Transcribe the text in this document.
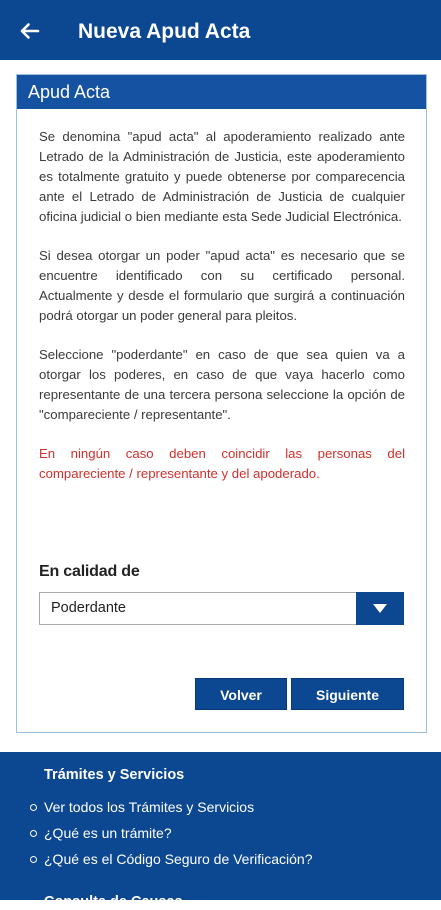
Nueva Apud Acta
Apud Acta

Se denomina "apud acta" al apoderamiento realizado ante Letrado de la Administración de Justicia, este apoderamiento es totalmente gratuito y puede obtenerse por comparecencia ante el Letrado de Administración de Justicia de cualquier oficina judicial o bien mediante esta Sede Judicial Electrónica.

Si desea otorgar un poder "apud acta" es necesario que se encuentre identificado con su certificado personal. Actualmente y desde el formulario que surgirá a continuación podrá otorgar un poder general para pleitos.

Seleccione "poderdante" en caso de que sea quien va a otorgar los poderes, en caso de que vaya hacerlo como representante de una tercera persona seleccione la opción de "compareciente / representante".

En ningún caso deben coincidir las personas del compareciente / representante y del apoderado.

En calidad de
Poderdante
Volver	Siguiente
Trámites y Servicios
Ver todos los Trámites y Servicios
¿Qué es un trámite?
¿Qué es el Código Seguro de Verificación?
Consulta de Causas
